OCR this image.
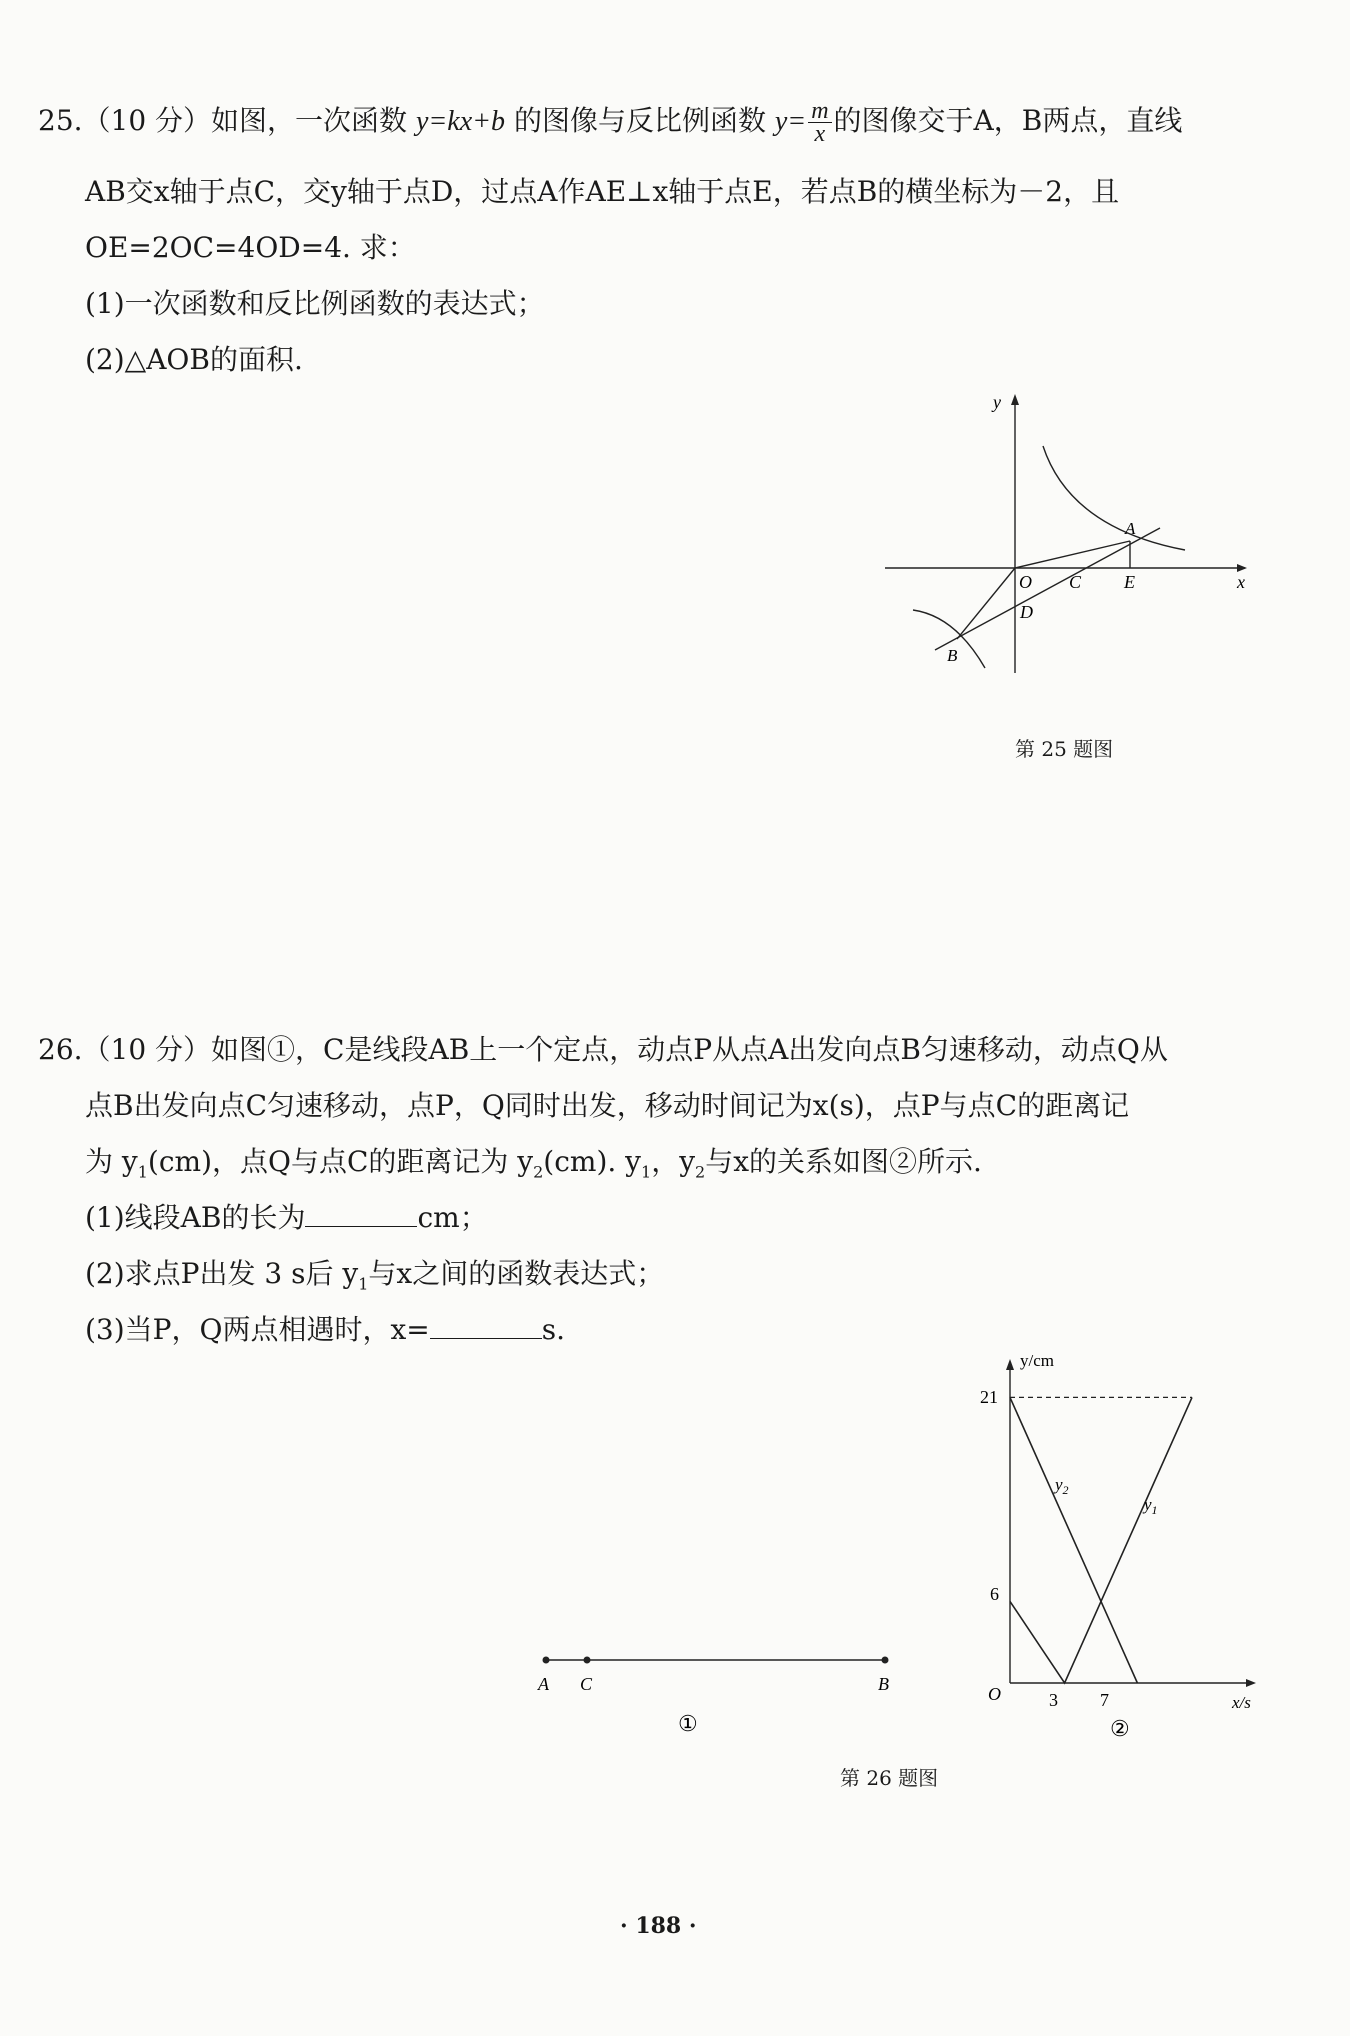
25.（10 分）如图，一次函数 y=kx+b 的图像与反比例函数 $y= \frac{m}{x}$ 的图像交于A，B两点，直线
AB交x轴于点C，交y轴于点D，过点A作AE⊥x轴于点E，若点B的横坐标为－2，且
OE=2OC=4OD=4. 求：
(1)一次函数和反比例函数的表达式；
(2)△AOB的面积.
y
x
A
O C E
D
B
第 25 题图
26.（10 分）如图①，C是线段AB上一个定点，动点P从点A出发向点B匀速移动，动点Q从
点B出发向点C匀速移动，点P，Q同时出发，移动时间记为x(s)，点P与点C的距离记
为 $y_1(cm)$，点Q与点C的距离记为 $y_2(cm)$. $y_1$，$y_2$与x的关系如图②所示.
(1)线段AB的长为	cm；
(2)求点P出发 3 s后 $y_1$与x之间的函数表达式；
(3)当P，Q两点相遇时，x=	s.
A C	B
①
y/cm
x/s
21
6
O	3 7
$y_2$
$y_1$
②
第 26 题图
· 188 ·
